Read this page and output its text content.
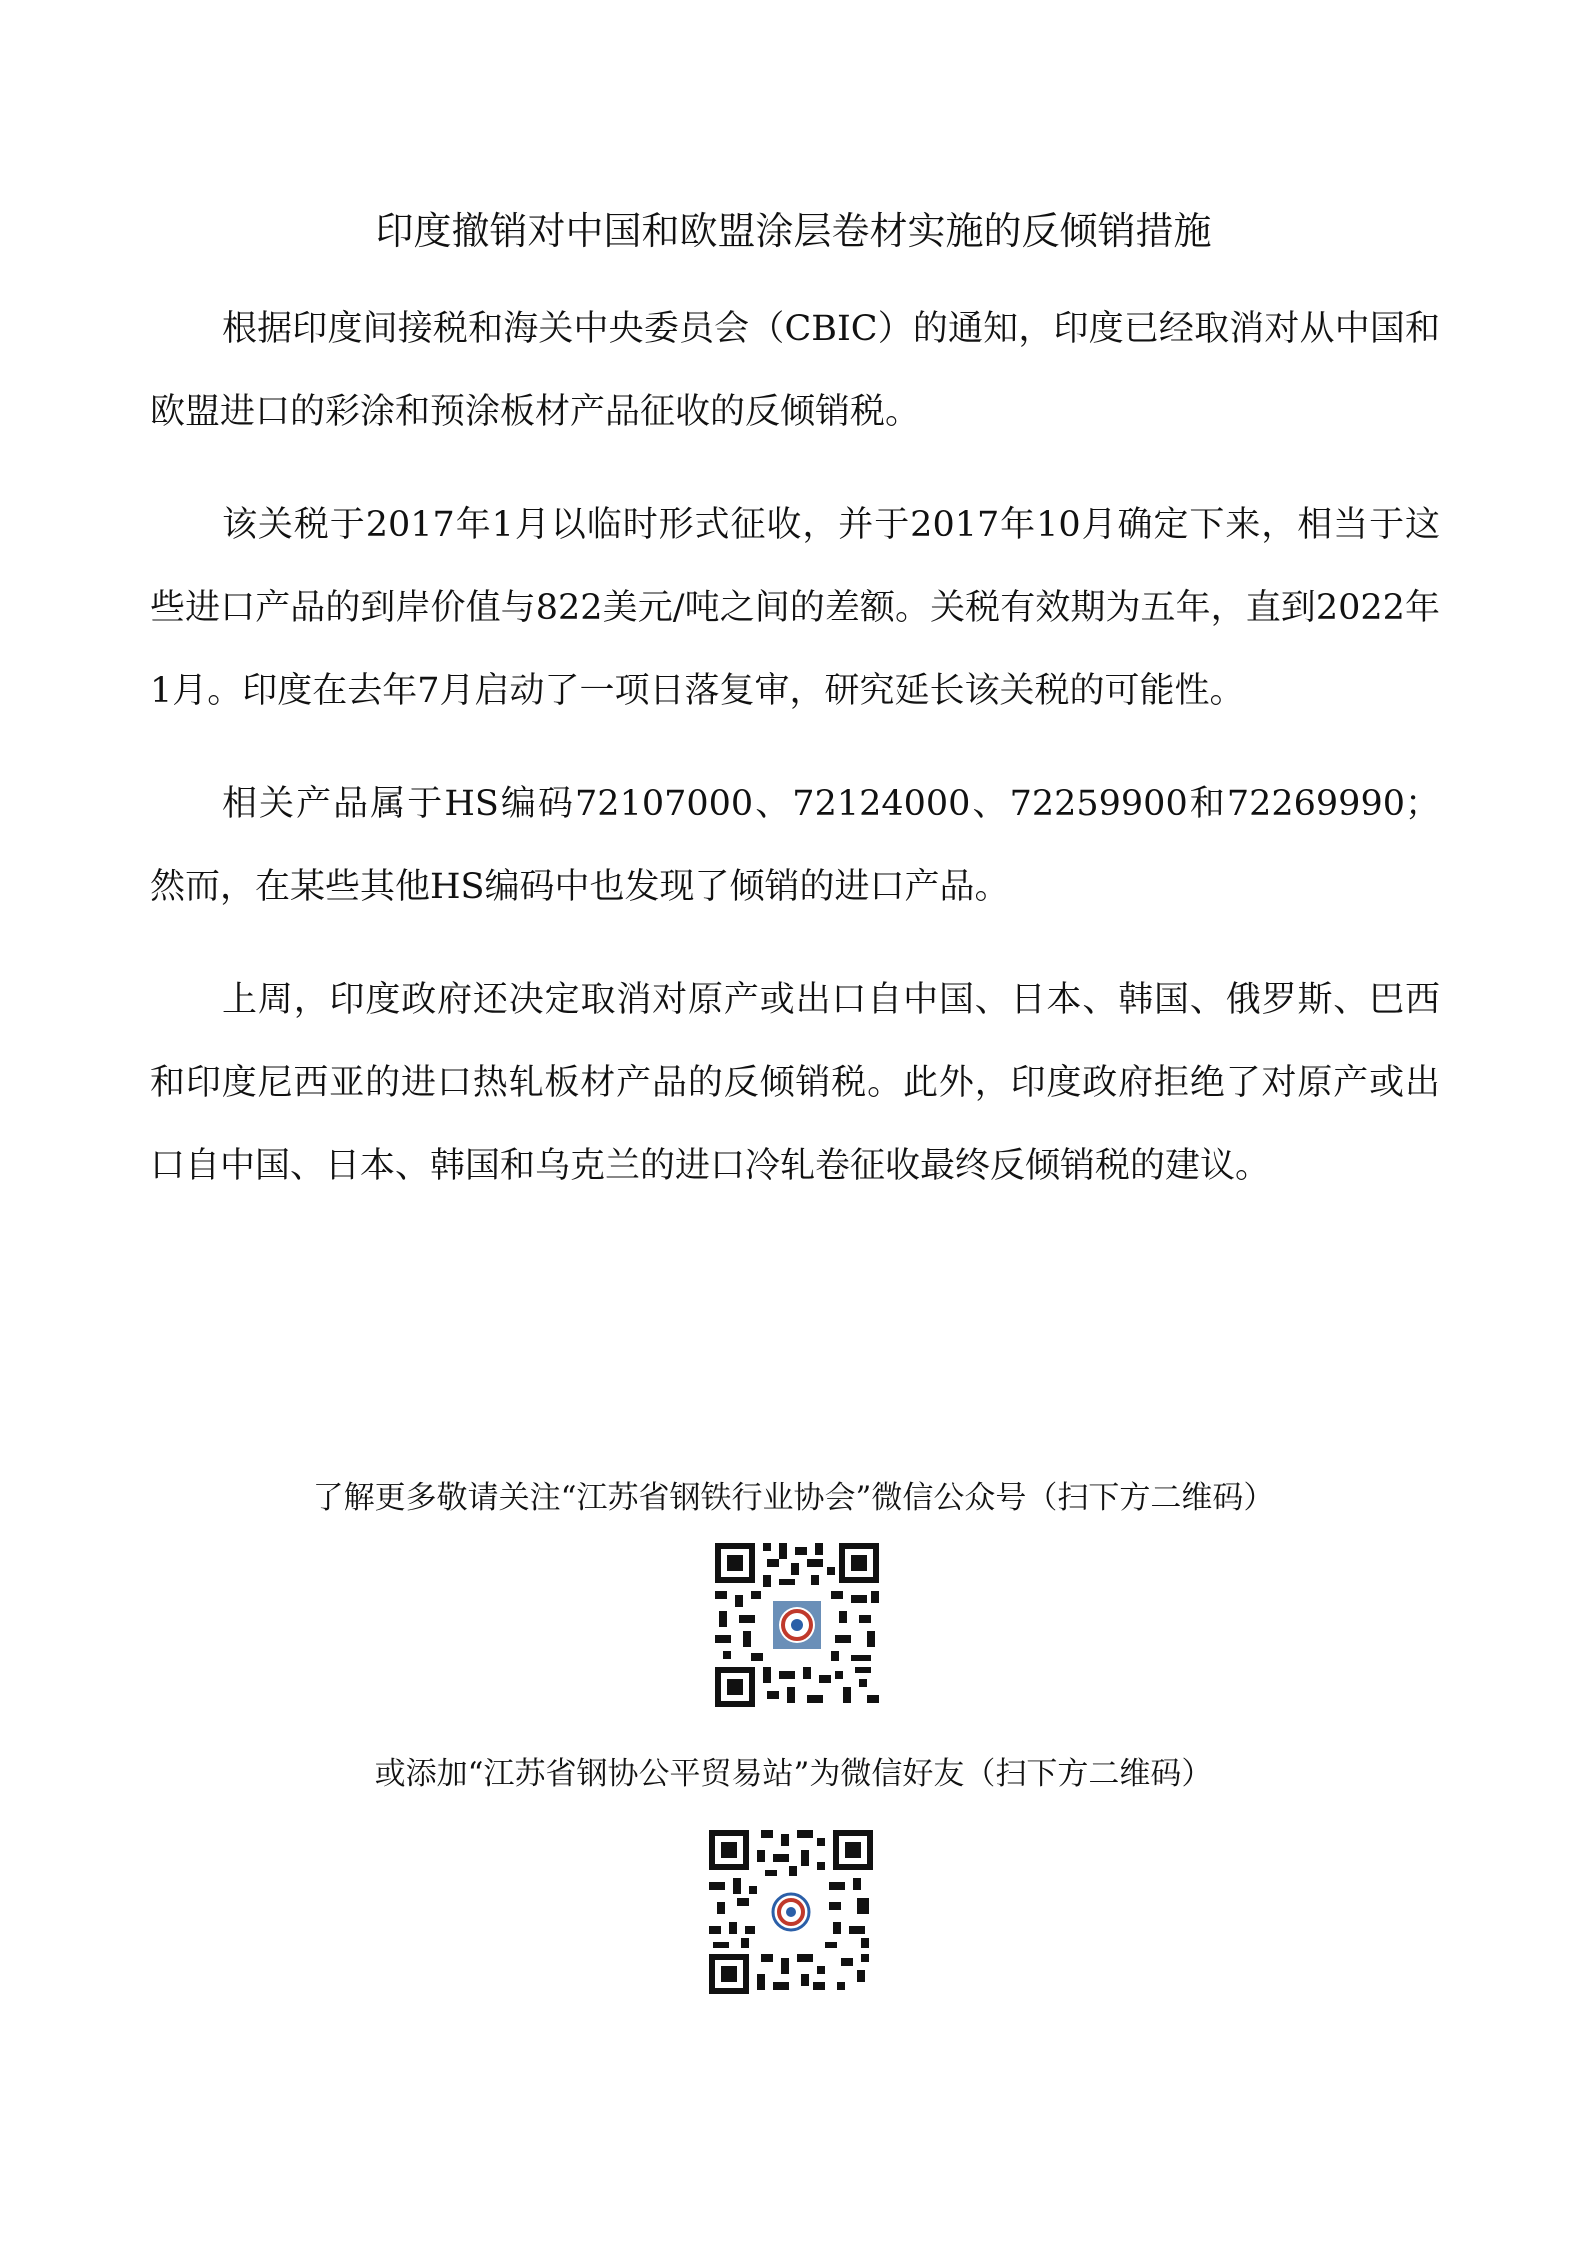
印度撤销对中国和欧盟涂层卷材实施的反倾销措施

根据印度间接税和海关中央委员会（CBIC）的通知，印度已经取消对从中国和欧盟进口的彩涂和预涂板材产品征收的反倾销税。

该关税于2017年1月以临时形式征收，并于2017年10月确定下来，相当于这些进口产品的到岸价值与822美元/吨之间的差额。关税有效期为五年，直到2022年1月。印度在去年7月启动了一项日落复审，研究延长该关税的可能性。

相关产品属于HS编码72107000、72124000、72259900和72269990；然而，在某些其他HS编码中也发现了倾销的进口产品。

上周，印度政府还决定取消对原产或出口自中国、日本、韩国、俄罗斯、巴西和印度尼西亚的进口热轧板材产品的反倾销税。此外，印度政府拒绝了对原产或出口自中国、日本、韩国和乌克兰的进口冷轧卷征收最终反倾销税的建议。

了解更多敬请关注“江苏省钢铁行业协会”微信公众号（扫下方二维码）

或添加“江苏省钢协公平贸易站”为微信好友（扫下方二维码）
